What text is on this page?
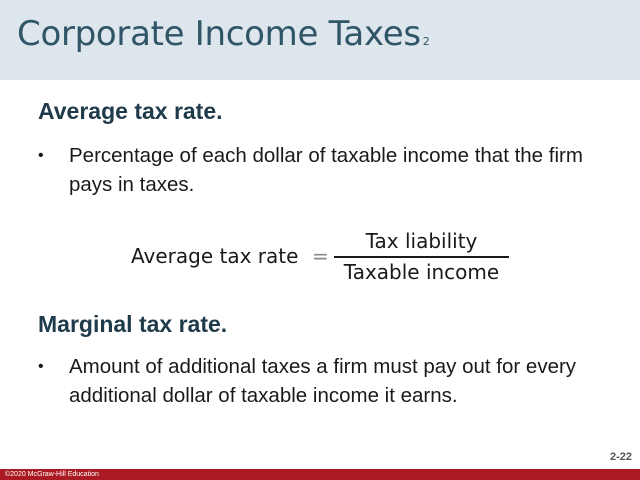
Corporate Income Taxes 2
Average tax rate.
• Percentage of each dollar of taxable income that the firm pays in taxes.
Average tax rate =
Tax liability
Taxable income
Marginal tax rate.
• Amount of additional taxes a firm must pay out for every additional dollar of taxable income it earns.
2-22
©2020 McGraw-Hill Education
